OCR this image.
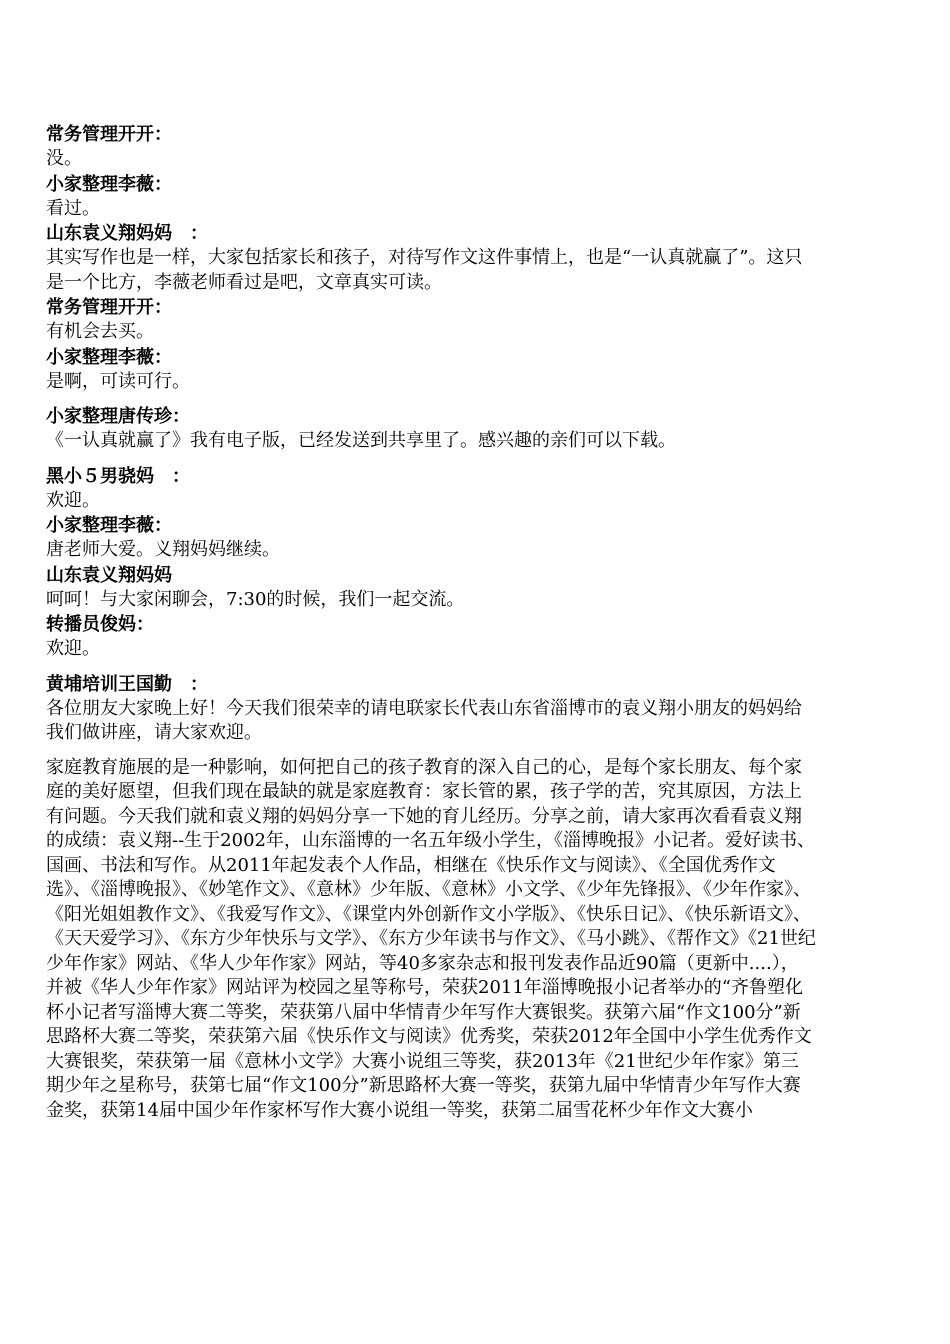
常务管理开开：

没。

小家整理李薇：

看过。

山东袁义翔妈妈　：

其实写作也是一样，大家包括家长和孩子，对待写作文这件事情上，也是“一认真就赢了”。这只是一个比方，李薇老师看过是吧，文章真实可读。

常务管理开开：

有机会去买。

小家整理李薇：

是啊，可读可行。

小家整理唐传珍：

《一认真就赢了》我有电子版，已经发送到共享里了。感兴趣的亲们可以下载。

黑小５男骁妈　：

欢迎。

小家整理李薇：

唐老师大爱。义翔妈妈继续。

山东袁义翔妈妈

呵呵！与大家闲聊会，7:30的时候，我们一起交流。

转播员俊妈：

欢迎。

黄埔培训王国勤　：

各位朋友大家晚上好！今天我们很荣幸的请电联家长代表山东省淄博市的袁义翔小朋友的妈妈给我们做讲座，请大家欢迎。

家庭教育施展的是一种影响，如何把自己的孩子教育的深入自己的心，是每个家长朋友、每个家庭的美好愿望，但我们现在最缺的就是家庭教育：家长管的累，孩子学的苦，究其原因，方法上有问题。今天我们就和袁义翔的妈妈分享一下她的育儿经历。分享之前，请大家再次看看袁义翔的成绩：袁义翔--生于2002年，山东淄博的一名五年级小学生，《淄博晚报》小记者。爱好读书、国画、书法和写作。从2011年起发表个人作品，相继在《快乐作文与阅读》、《全国优秀作文选》、《淄博晚报》、《妙笔作文》、《意林》少年版、《意林》小文学、《少年先锋报》、《少年作家》、《阳光姐姐教作文》、《我爱写作文》、《课堂内外创新作文小学版》、《快乐日记》、《快乐新语文》、《天天爱学习》、《东方少年快乐与文学》、《东方少年读书与作文》、《马小跳》、《帮作文》《21世纪少年作家》网站、《华人少年作家》网站，等40多家杂志和报刊发表作品近90篇（更新中....），并被《华人少年作家》网站评为校园之星等称号，荣获2011年淄博晚报小记者举办的“齐鲁塑化杯小记者写淄博大赛二等奖，荣获第八届中华情青少年写作大赛银奖。获第六届“作文100分”新思路杯大赛二等奖，荣获第六届《快乐作文与阅读》优秀奖，荣获2012年全国中小学生优秀作文大赛银奖，荣获第一届《意林小文学》大赛小说组三等奖，获2013年《21世纪少年作家》第三期少年之星称号，获第七届“作文100分”新思路杯大赛一等奖，获第九届中华情青少年写作大赛金奖，获第14届中国少年作家杯写作大赛小说组一等奖，获第二届雪花杯少年作文大赛小
